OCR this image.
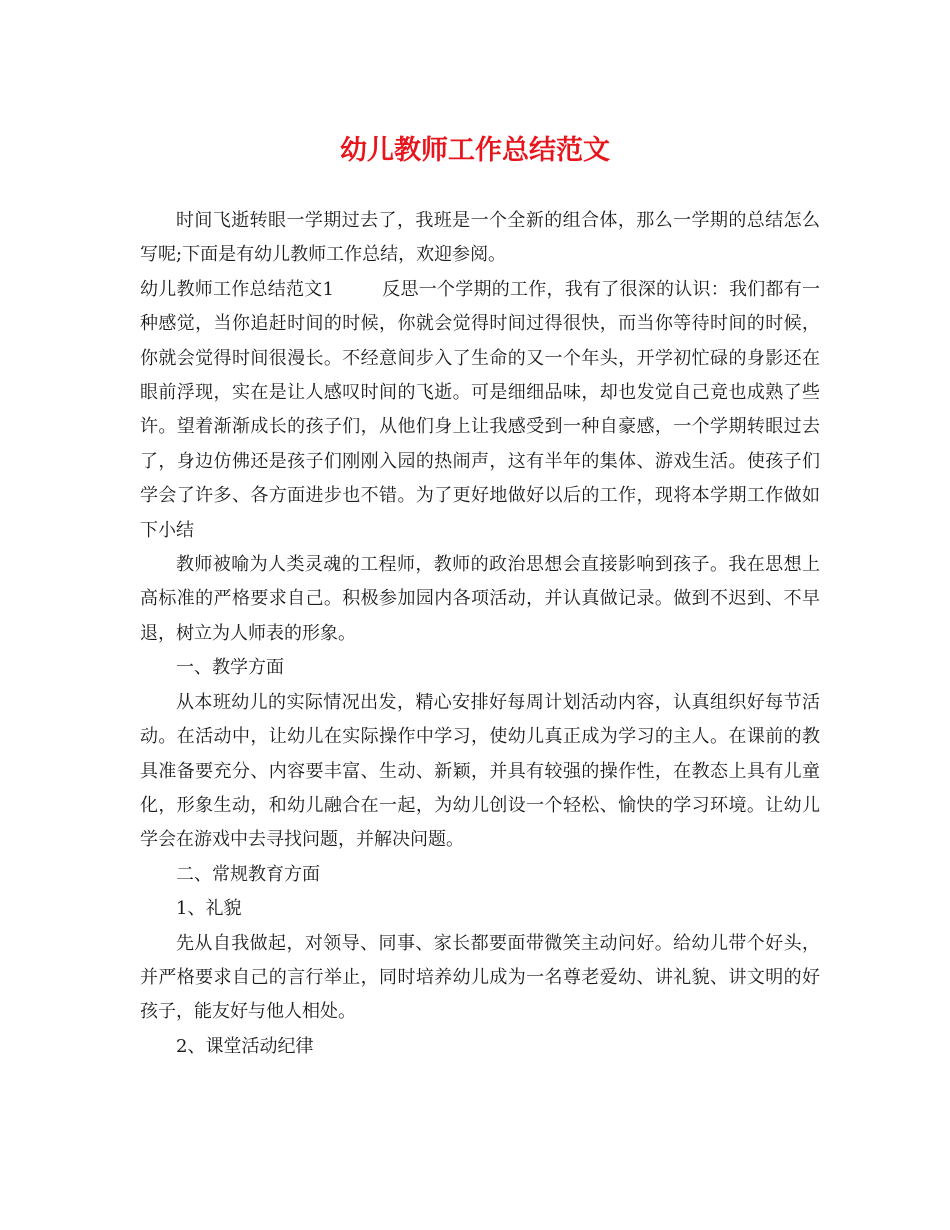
幼儿教师工作总结范文

时间飞逝转眼一学期过去了，我班是一个全新的组合体，那么一学期的总结怎么写呢;下面是有幼儿教师工作总结，欢迎参阅。

幼儿教师工作总结范文1	反思一个学期的工作，我有了很深的认识：我们都有一种感觉，当你追赶时间的时候，你就会觉得时间过得很快，而当你等待时间的时候，你就会觉得时间很漫长。不经意间步入了生命的又一个年头，开学初忙碌的身影还在眼前浮现，实在是让人感叹时间的飞逝。可是细细品味，却也发觉自己竟也成熟了些许。望着渐渐成长的孩子们，从他们身上让我感受到一种自豪感，一个学期转眼过去了，身边仿佛还是孩子们刚刚入园的热闹声，这有半年的集体、游戏生活。使孩子们学会了许多、各方面进步也不错。为了更好地做好以后的工作，现将本学期工作做如下小结

教师被喻为人类灵魂的工程师，教师的政治思想会直接影响到孩子。我在思想上高标准的严格要求自己。积极参加园内各项活动，并认真做记录。做到不迟到、不早退，树立为人师表的形象。

一、教学方面

从本班幼儿的实际情况出发，精心安排好每周计划活动内容，认真组织好每节活动。在活动中，让幼儿在实际操作中学习，使幼儿真正成为学习的主人。在课前的教具准备要充分、内容要丰富、生动、新颖，并具有较强的操作性，在教态上具有儿童化，形象生动，和幼儿融合在一起，为幼儿创设一个轻松、愉快的学习环境。让幼儿学会在游戏中去寻找问题，并解决问题。

二、常规教育方面

1、礼貌

先从自我做起，对领导、同事、家长都要面带微笑主动问好。给幼儿带个好头，并严格要求自己的言行举止，同时培养幼儿成为一名尊老爱幼、讲礼貌、讲文明的好孩子，能友好与他人相处。

2、课堂活动纪律
